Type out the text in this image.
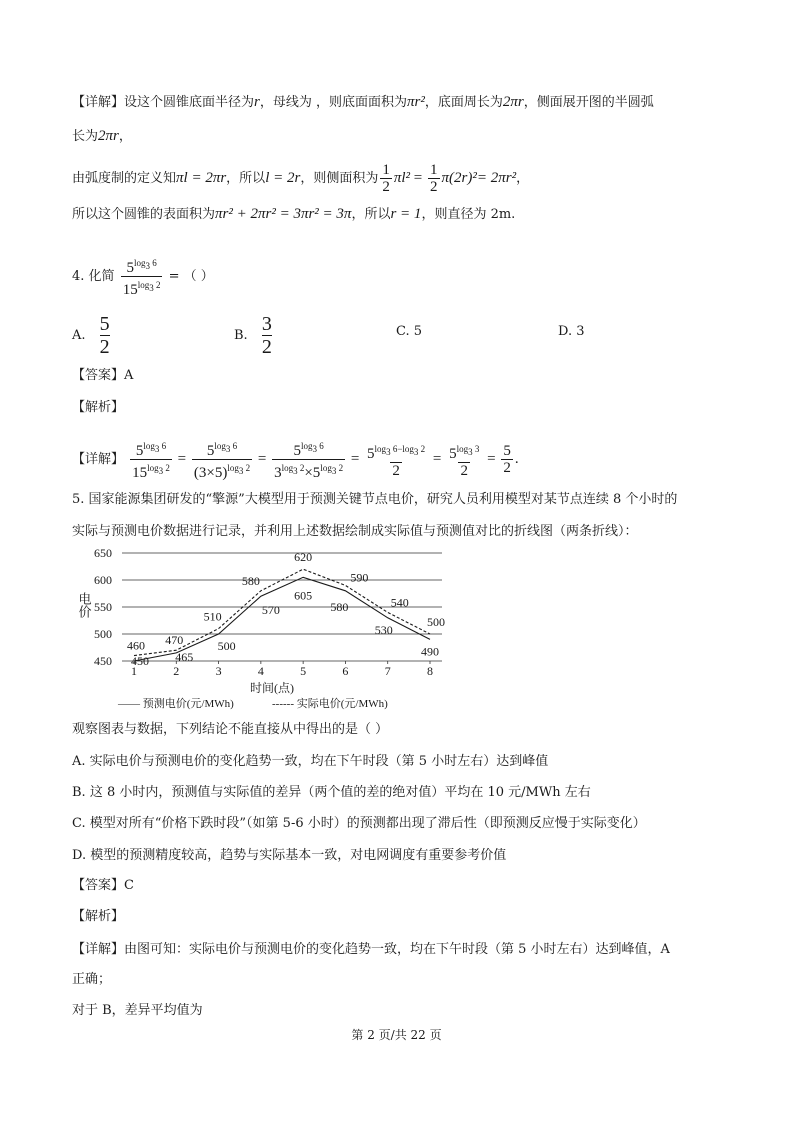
【详解】设这个圆锥底面半径为r，母线为 ，则底面面积为πr²，底面周长为2πr，侧面展开图的半圆弧
长为2πr，
由弧度制的定义知πl = 2πr，所以l = 2r，则侧面积为 $\frac{1}{2} \pi l^2 = \frac{1}{2} \pi(2r)^2= 2\pi r^2$，
所以这个圆锥的表面积为πr² + 2πr² = 3πr² = 3π，所以r = 1，则直径为 2m.
4. 化简 $\frac{5^{log_3 6}}{15^{log_3 2}}$ = （ ）
A. $\frac{5}{2}$	B. $\frac{3}{2}$	C. 5	D. 3
【答案】A
【解析】
【详解】 $\frac{5^{log_3 6}}{15^{log_3 2}} = \frac{5^{log_3 6}}{(3\times 5)^{log_3 2}} = \frac{5^{log_3 6}}{3^{log_3 2}\times 5^{log_3 2}} = \frac{5^{log_3 6-log_3 2}}{2} = \frac{5^{log_3 3}}{2} = \frac{5}{2}$ .
5. 国家能源集团研发的“擎源”大模型用于预测关键节点电价，研究人员利用模型对某节点连续 8 个小时的
实际与预测电价数据进行记录，并利用上述数据绘制成实际值与预测值对比的折线图（两条折线）：
450
500
550
600
650
1	2	3	4	5	6	7	8
450 465
500
570
605
580
530
490
460 470
510
580
620
590
540
500
电价
时间(点)
—— 预测电价(元/MWh)	------ 实际电价(元/MWh)
观察图表与数据，下列结论不能直接从中得出的是（ ）
A. 实际电价与预测电价的变化趋势一致，均在下午时段（第 5 小时左右）达到峰值
B. 这 8 小时内，预测值与实际值的差异（两个值的差的绝对值）平均在 10 元/MWh 左右
C. 模型对所有“价格下跌时段”（如第 5-6 小时）的预测都出现了滞后性（即预测反应慢于实际变化）
D. 模型的预测精度较高，趋势与实际基本一致，对电网调度有重要参考价值
【答案】C
【解析】
【详解】由图可知：实际电价与预测电价的变化趋势一致，均在下午时段（第 5 小时左右）达到峰值，A
正确；
对于 B，差异平均值为
第 2 页/共 22 页
